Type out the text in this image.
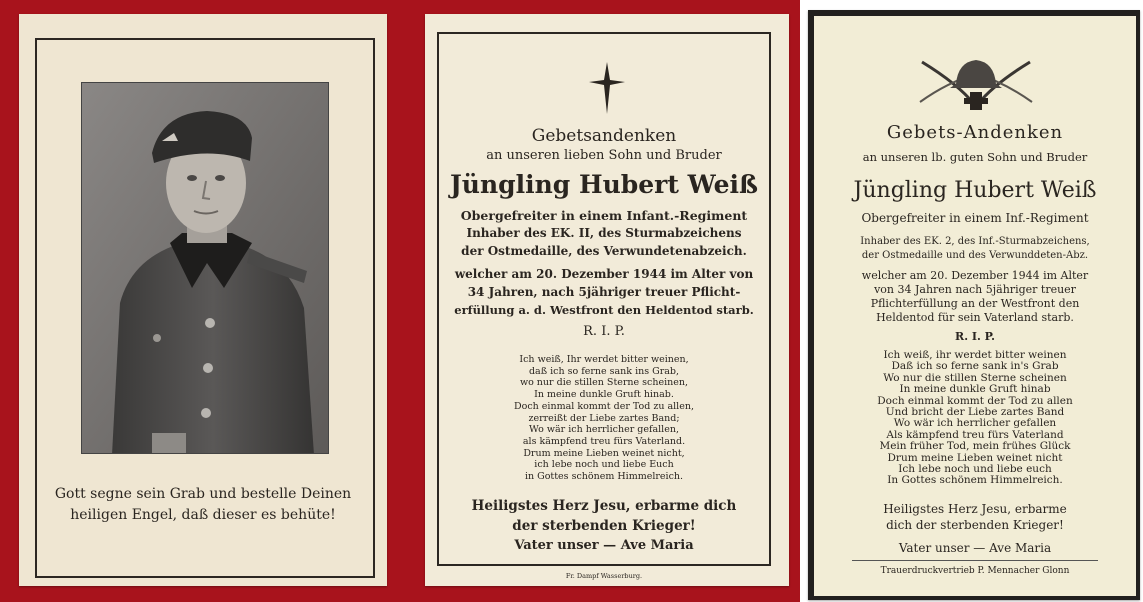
Gott segne sein Grab und bestelle Deinen heiligen Engel, daß dieser es behüte!
Gebetsandenken
an unseren lieben Sohn und Bruder
Jüngling Hubert Weiß
Obergefreiter in einem Infant.-Regiment
Inhaber des EK. II, des Sturmabzeichens
der Ostmedaille, des Verwundetenabzeich.
welcher am 20. Dezember 1944 im Alter von
34 Jahren, nach 5jähriger treuer Pflicht-
erfüllung a. d. Westfront den Heldentod starb.
R. I. P.
Ich weiß, Ihr werdet bitter weinen,
daß ich so ferne sank ins Grab,
wo nur die stillen Sterne scheinen,
In meine dunkle Gruft hinab.
Doch einmal kommt der Tod zu allen,
zerreißt der Liebe zartes Band;
Wo wär ich herrlicher gefallen,
als kämpfend treu fürs Vaterland.
Drum meine Lieben weinet nicht,
ich lebe noch und liebe Euch
in Gottes schönem Himmelreich.
Heiligstes Herz Jesu, erbarme dich
der sterbenden Krieger!
Vater unser — Ave Maria
Fr. Dampf Wasserburg.
Gebets-Andenken
an unseren lb. guten Sohn und Bruder
Jüngling Hubert Weiß
Obergefreiter in einem Inf.-Regiment
Inhaber des EK. 2, des Inf.-Sturmabzeichens,
der Ostmedaille und des Verwunddeten-Abz.
welcher am 20. Dezember 1944 im Alter
von 34 Jahren nach 5jähriger treuer
Pflichterfüllung an der Westfront den
Heldentod für sein Vaterland starb.
R. I. P.
Ich weiß, ihr werdet bitter weinen
Daß ich so ferne sank in's Grab
Wo nur die stillen Sterne scheinen
In meine dunkle Gruft hinab
Doch einmal kommt der Tod zu allen
Und bricht der Liebe zartes Band
Wo wär ich herrlicher gefallen
Als kämpfend treu fürs Vaterland
Mein früher Tod, mein frühes Glück
Drum meine Lieben weinet nicht
Ich lebe noch und liebe euch
In Gottes schönem Himmelreich.
Heiligstes Herz Jesu, erbarme
dich der sterbenden Krieger!
Vater unser — Ave Maria
Trauerdruckvertrieb P. Mennacher Glonn
